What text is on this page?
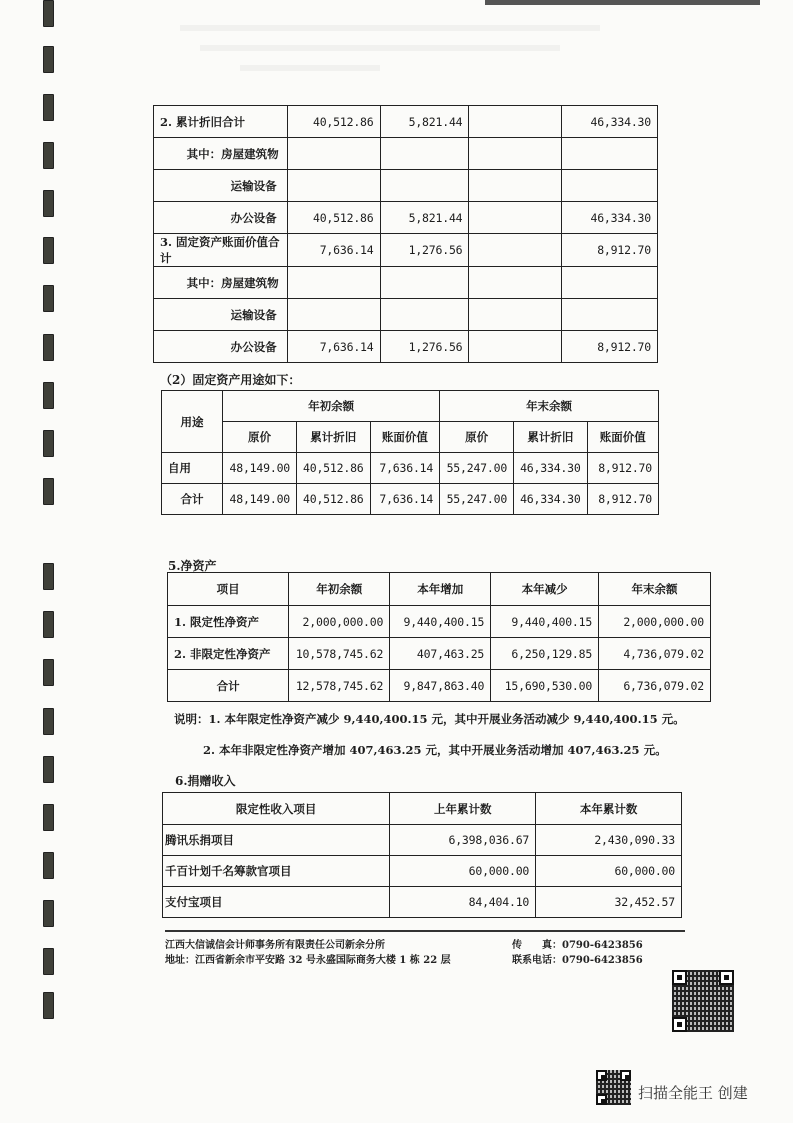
2. 累计折旧合计	40,512.86	5,821.44		46,334.30
其中：房屋建筑物				
运输设备				
办公设备	40,512.86	5,821.44		46,334.30
3. 固定资产账面价值合计	7,636.14	1,276.56		8,912.70
其中：房屋建筑物				
运输设备				
办公设备	7,636.14	1,276.56		8,912.70
（2）固定资产用途如下：
用途	年初余额			年末余额		
	原价	累计折旧	账面价值	原价	累计折旧	账面价值
自用	48,149.00	40,512.86	7,636.14	55,247.00	46,334.30	8,912.70
合计	48,149.00	40,512.86	7,636.14	55,247.00	46,334.30	8,912.70
5.净资产
项目	年初余额	本年增加	本年减少	年末余额
1. 限定性净资产	2,000,000.00	9,440,400.15	9,440,400.15	2,000,000.00
2. 非限定性净资产	10,578,745.62	407,463.25	6,250,129.85	4,736,079.02
合计	12,578,745.62	9,847,863.40	15,690,530.00	6,736,079.02
说明：1. 本年限定性净资产减少 9,440,400.15 元，其中开展业务活动减少 9,440,400.15 元。
2. 本年非限定性净资产增加 407,463.25 元，其中开展业务活动增加 407,463.25 元。
6.捐赠收入
限定性收入项目	上年累计数	本年累计数
腾讯乐捐项目	6,398,036.67	2,430,090.33
千百计划千名筹款官项目	60,000.00	60,000.00
支付宝项目	84,404.10	32,452.57
江西大信诚信会计师事务所有限责任公司新余分所
地址：江西省新余市平安路 32 号永盛国际商务大楼 1 栋 22 层
传　　真：0790-6423856
联系电话：0790-6423856
扫描全能王 创建
